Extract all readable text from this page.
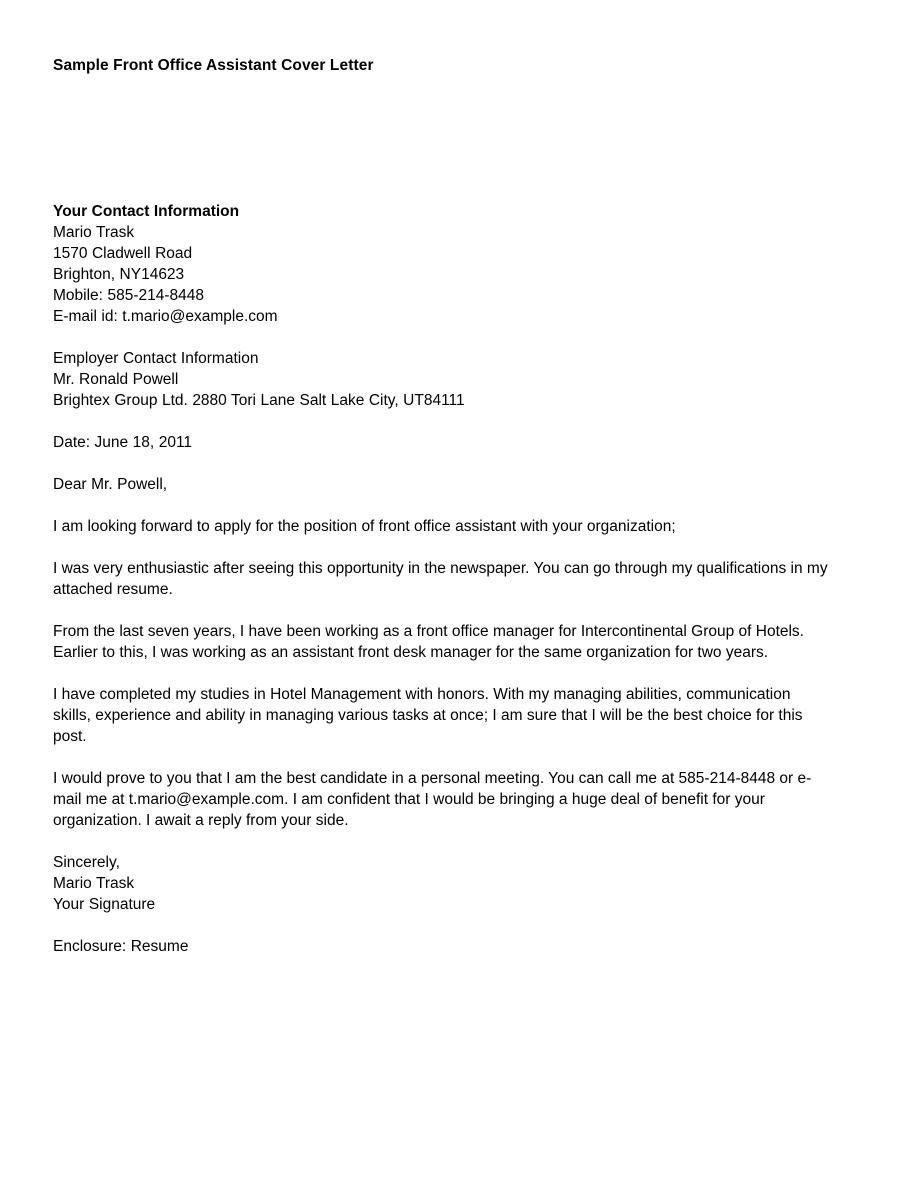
Sample Front Office Assistant Cover Letter

Your Contact Information

Mario Trask

1570 Cladwell Road

Brighton, NY14623

Mobile: 585-214-8448

E-mail id: t.mario@example.com

Employer Contact Information

Mr. Ronald Powell

Brightex Group Ltd. 2880 Tori Lane Salt Lake City, UT84111

Date: June 18, 2011

Dear Mr. Powell,

I am looking forward to apply for the position of front office assistant with your organization;

I was very enthusiastic after seeing this opportunity in the newspaper. You can go through my qualifications in my attached resume.

From the last seven years, I have been working as a front office manager for Intercontinental Group of Hotels. Earlier to this, I was working as an assistant front desk manager for the same organization for two years.

I have completed my studies in Hotel Management with honors. With my managing abilities, communication skills, experience and ability in managing various tasks at once; I am sure that I will be the best choice for this post.

I would prove to you that I am the best candidate in a personal meeting. You can call me at 585-214-8448 or e-mail me at t.mario@example.com. I am confident that I would be bringing a huge deal of benefit for your organization. I await a reply from your side.

Sincerely,

Mario Trask

Your Signature

Enclosure: Resume
